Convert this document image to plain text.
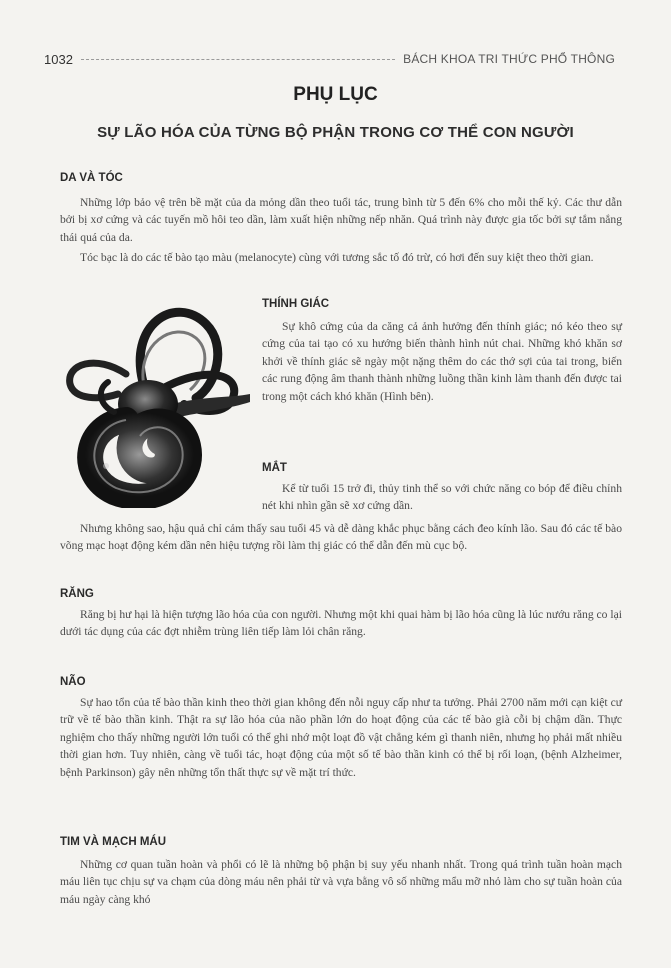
1032	BÁCH KHOA TRI THỨC PHỔ THÔNG
PHỤ LỤC
SỰ LÃO HÓA CỦA TỪNG BỘ PHẬN TRONG CƠ THỂ CON NGƯỜI
DA VÀ TÓC

Những lớp bảo vệ trên bề mặt của da mỏng dần theo tuổi tác, trung bình từ 5 đến 6% cho mỗi thế kỷ. Các thư dẫn bởi bị xơ cứng và các tuyến mồ hôi teo dần, làm xuất hiện những nếp nhăn. Quá trình này được gia tốc bởi sự tắm nắng thái quá của da.

Tóc bạc là do các tế bào tạo màu (melanocyte) cùng với tương sắc tố đó trừ, có hơi đến suy kiệt theo thời gian.

THÍNH GIÁC

Sự khô cứng của da căng cả ảnh hưởng đến thính giác; nó kéo theo sự cứng của tai tạo có xu hướng biến thành hình nút chai. Những khó khăn sơ khởi về thính giác sẽ ngày một nặng thêm do các thớ sợi của tai trong, biến các rung động âm thanh thành những luồng thần kinh làm thanh đến được tai trong một cách khó khăn (Hình bên).

MẮT

Kể từ tuổi 15 trở đi, thủy tinh thể so với chức năng co bóp để điều chỉnh nét khi nhìn gần sẽ xơ cứng dần.

Nhưng không sao, hậu quả chỉ cảm thấy sau tuổi 45 và dễ dàng khắc phục bằng cách đeo kính lão. Sau đó các tế bào võng mạc hoạt động kém dần nên hiệu tượng rồi làm thị giác có thể dẫn đến mù cục bộ.

RĂNG

Răng bị hư hại là hiện tượng lão hóa của con người. Nhưng một khi quai hàm bị lão hóa cũng là lúc nướu răng co lại dưới tác dụng của các đợt nhiễm trùng liên tiếp làm lỏi chân răng.

NÃO

Sự hao tổn của tế bào thần kinh theo thời gian không đến nỗi nguy cấp như ta tưởng. Phải 2700 năm mới cạn kiệt cư trữ về tế bào thần kinh. Thật ra sự lão hóa của não phần lớn do hoạt động của các tế bào già cỗi bị chậm dần. Thực nghiệm cho thấy những người lớn tuổi có thể ghi nhớ một loạt đồ vật chẳng kém gì thanh niên, nhưng họ phải mất nhiều thời gian hơn. Tuy nhiên, càng về tuổi tác, hoạt động của một số tế bào thần kinh có thể bị rối loạn, (bệnh Alzheimer, bệnh Parkinson) gây nên những tổn thất thực sự về mặt trí thức.

TIM VÀ MẠCH MÁU

Những cơ quan tuần hoàn và phổi có lẽ là những bộ phận bị suy yếu nhanh nhất. Trong quá trình tuần hoàn mạch máu liên tục chịu sự va chạm của dòng máu nên phải từ và vựa bằng vô số những mẩu mỡ nhỏ làm cho sự tuần hoàn của máu ngày càng khó
